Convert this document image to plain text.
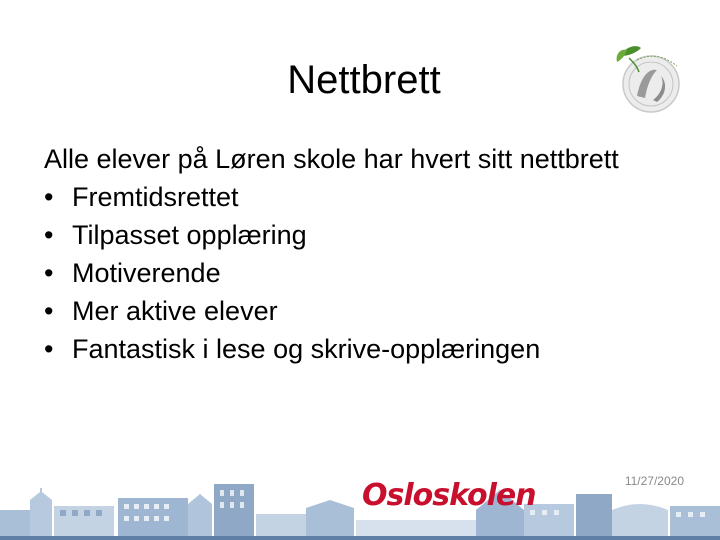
Nettbrett

Alle elever på Løren skole har hvert sitt nettbrett

• Fremtidsrettet
• Tilpasset opplæring
• Motiverende
• Mer aktive elever
• Fantastisk i lese og skrive-opplæringen
11/27/2020
Osloskolen
